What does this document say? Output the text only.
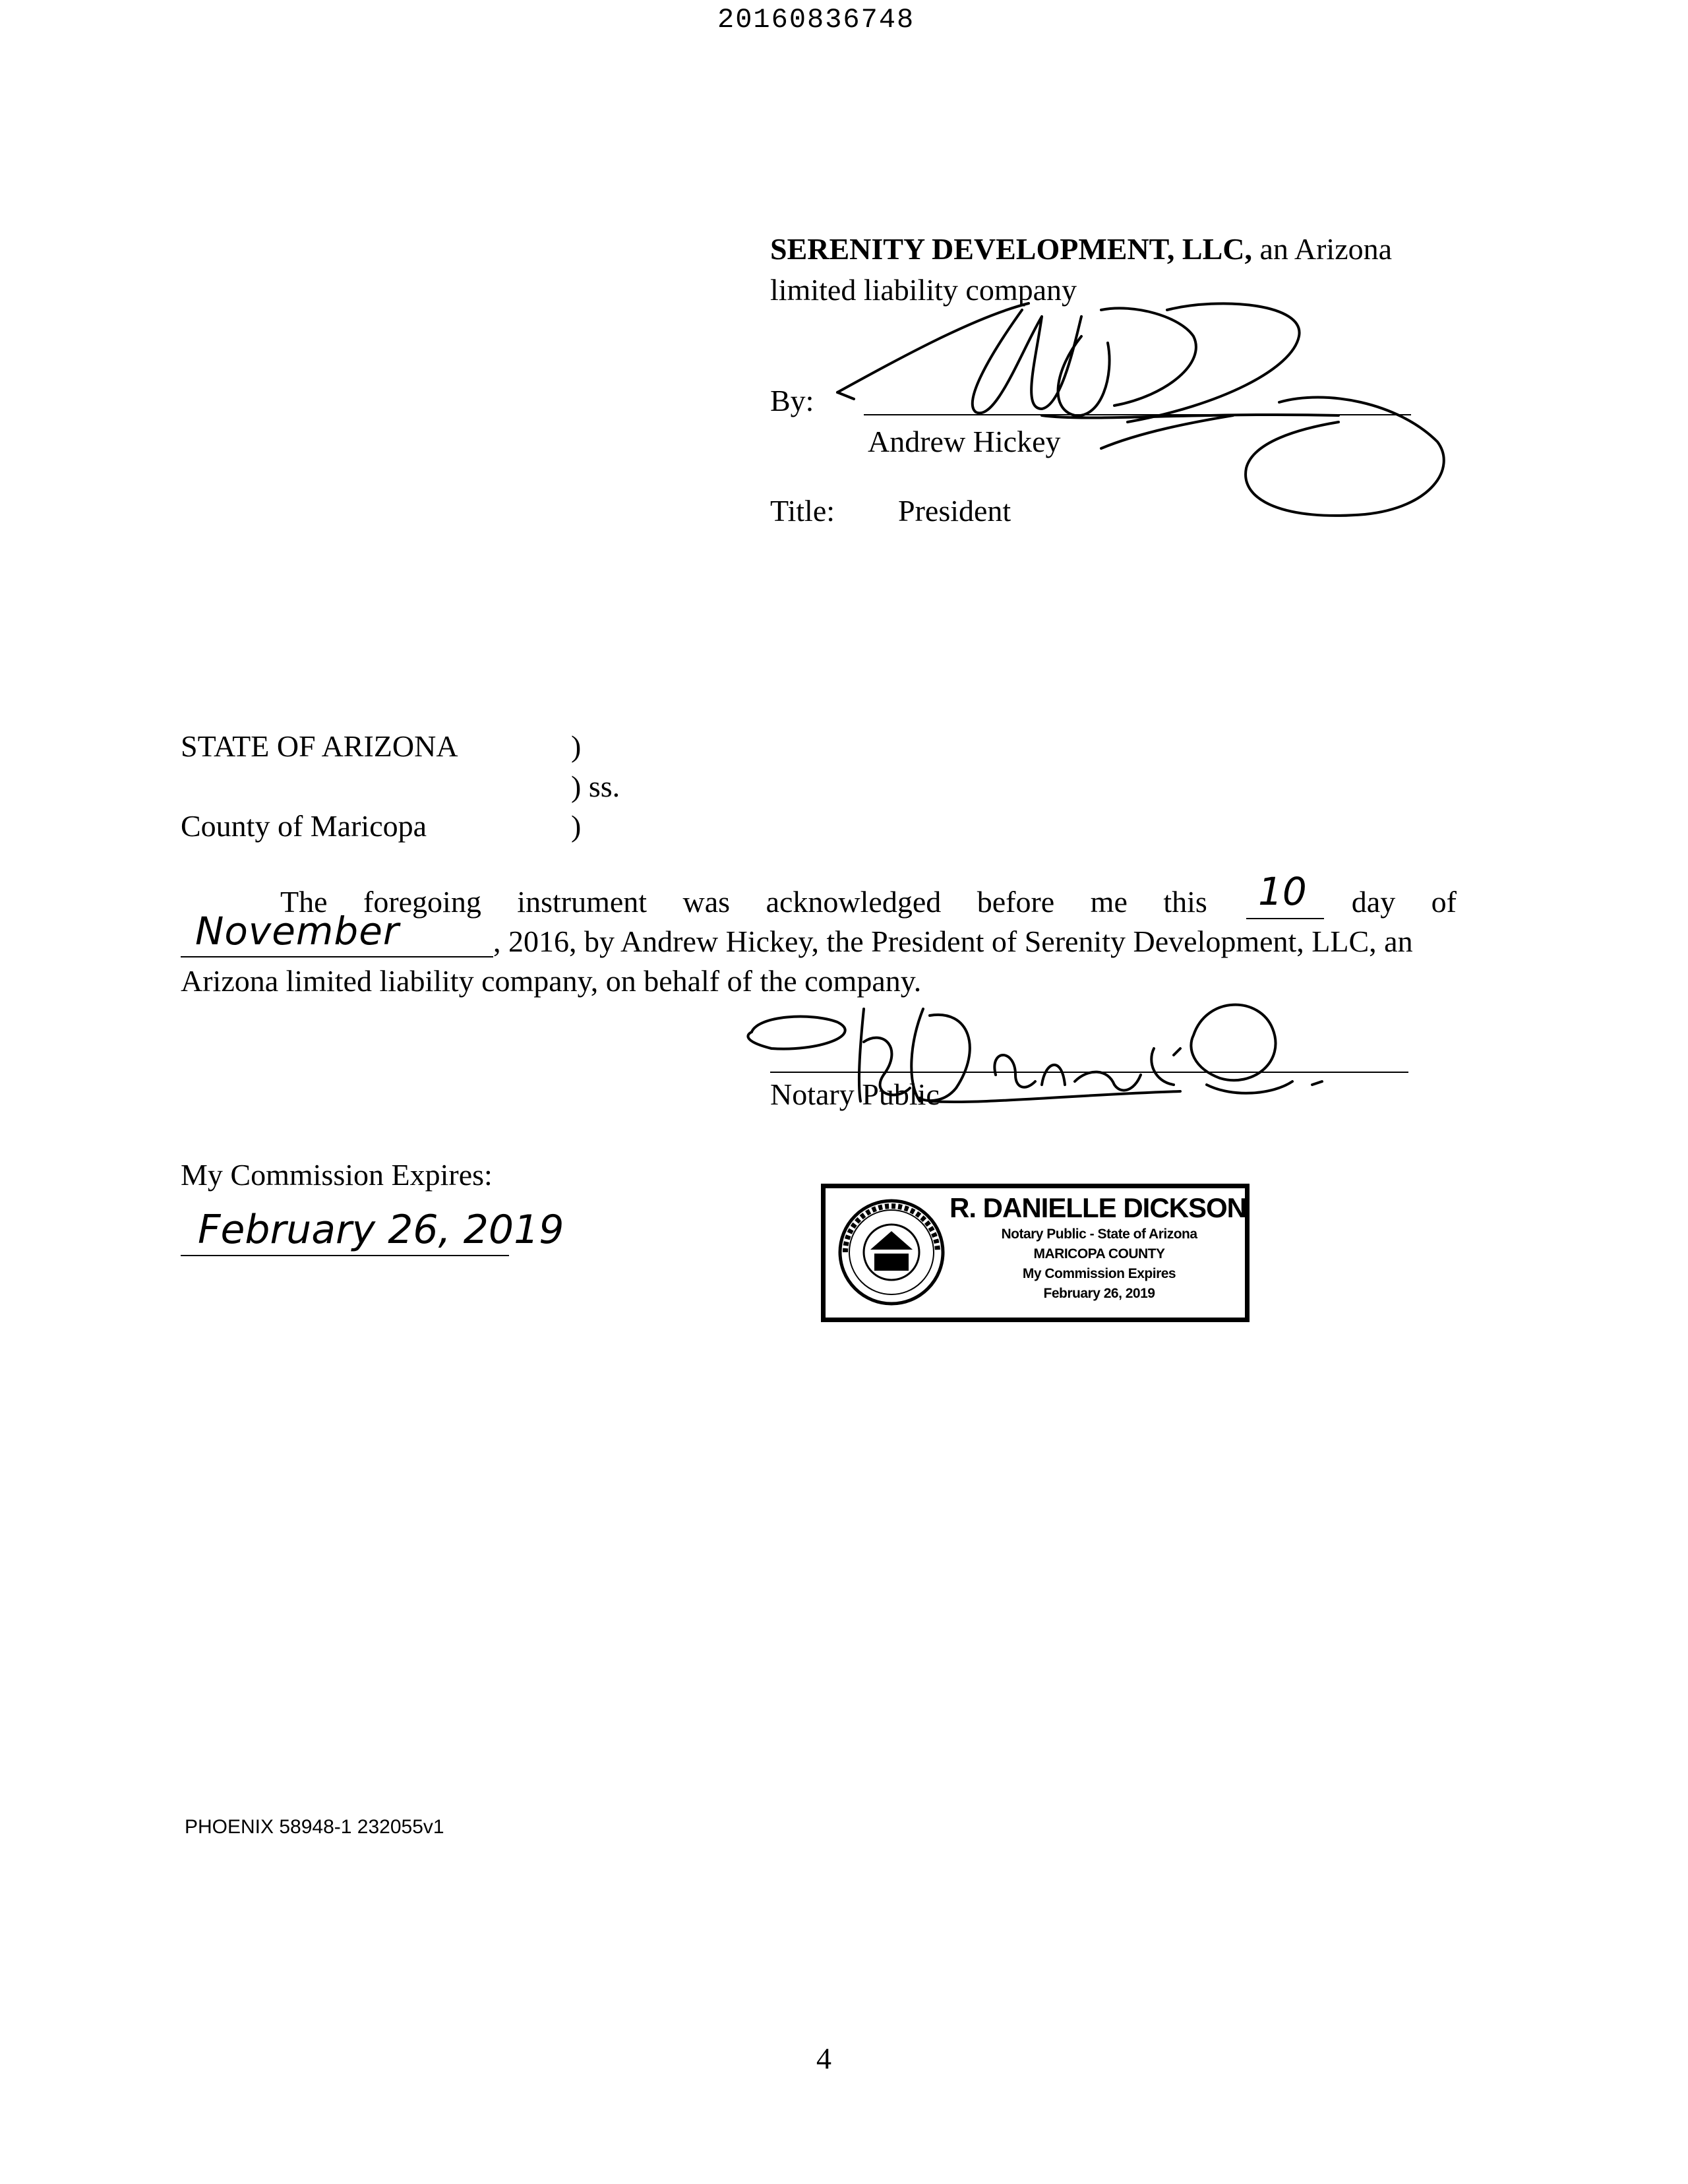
20160836748
SERENITY DEVELOPMENT, LLC, an Arizona
limited liability company
By:
Andrew Hickey
Title: President
STATE OF ARIZONA	)
) ss.
County of Maricopa	)
The foregoing instrument was acknowledged before me this	day of
10
November	, 2016, by Andrew Hickey, the President of Serenity Development, LLC, an
Arizona limited liability company, on behalf of the company.
Notary Public
My Commission Expires:
February 26, 2019	R. DANIELLE DICKSON
Notary Public - State of Arizona
MARICOPA COUNTY
My Commission Expires
February 26, 2019
PHOENIX 58948-1 232055v1
4
